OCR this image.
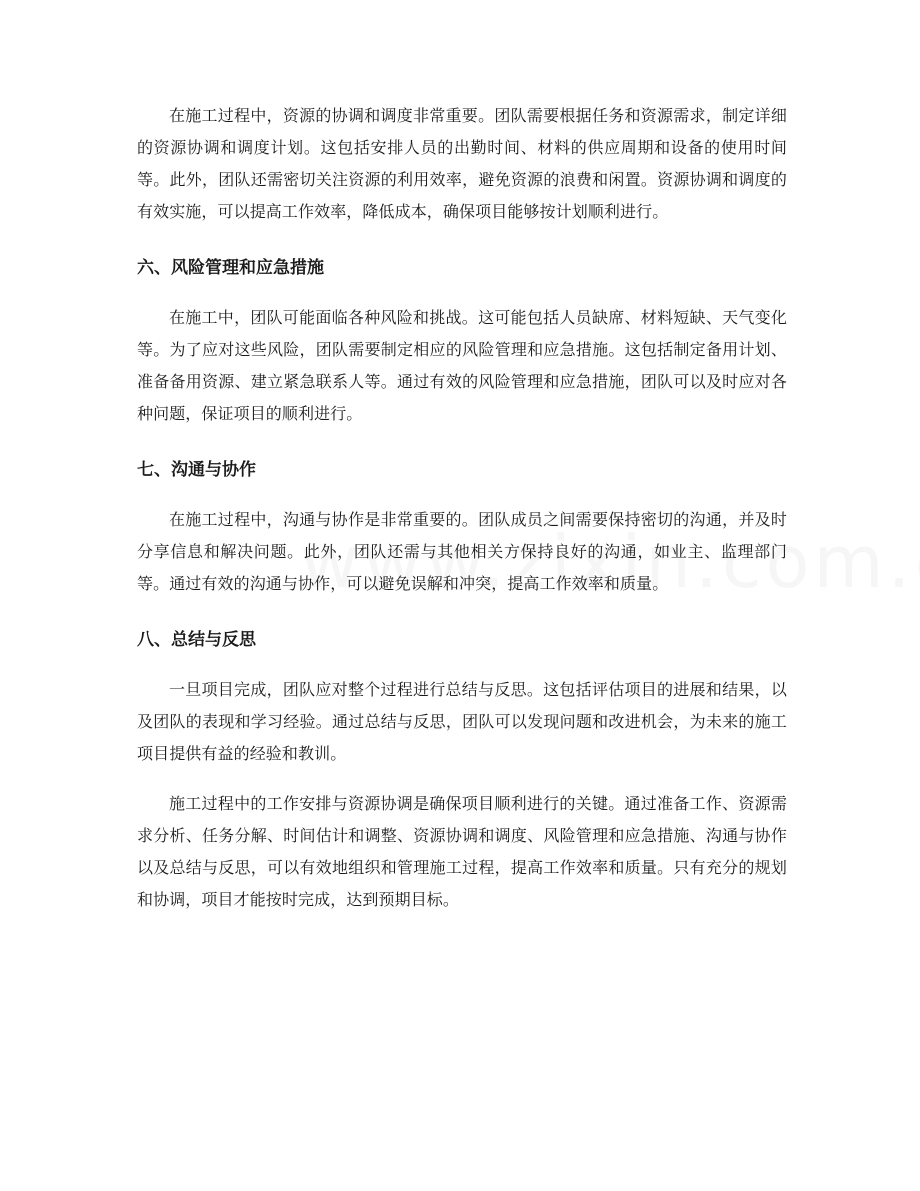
在施工过程中，资源的协调和调度非常重要。团队需要根据任务和资源需求，制定详细的资源协调和调度计划。这包括安排人员的出勤时间、材料的供应周期和设备的使用时间等。此外，团队还需密切关注资源的利用效率，避免资源的浪费和闲置。资源协调和调度的有效实施，可以提高工作效率，降低成本，确保项目能够按计划顺利进行。

六、风险管理和应急措施

在施工中，团队可能面临各种风险和挑战。这可能包括人员缺席、材料短缺、天气变化等。为了应对这些风险，团队需要制定相应的风险管理和应急措施。这包括制定备用计划、准备备用资源、建立紧急联系人等。通过有效的风险管理和应急措施，团队可以及时应对各种问题，保证项目的顺利进行。

七、沟通与协作

在施工过程中，沟通与协作是非常重要的。团队成员之间需要保持密切的沟通，并及时分享信息和解决问题。此外，团队还需与其他相关方保持良好的沟通，如业主、监理部门等。通过有效的沟通与协作，可以避免误解和冲突，提高工作效率和质量。

八、总结与反思

一旦项目完成，团队应对整个过程进行总结与反思。这包括评估项目的进展和结果，以及团队的表现和学习经验。通过总结与反思，团队可以发现问题和改进机会，为未来的施工项目提供有益的经验和教训。

施工过程中的工作安排与资源协调是确保项目顺利进行的关键。通过准备工作、资源需求分析、任务分解、时间估计和调整、资源协调和调度、风险管理和应急措施、沟通与协作以及总结与反思，可以有效地组织和管理施工过程，提高工作效率和质量。只有充分的规划和协调，项目才能按时完成，达到预期目标。
